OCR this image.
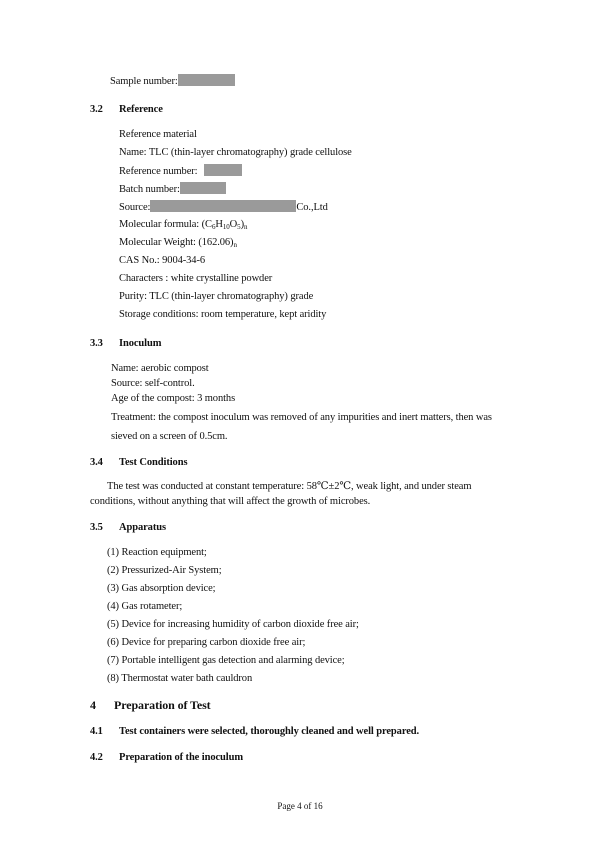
Sample number:
3.2 Reference
Reference material
Name: TLC (thin-layer chromatography) grade cellulose
Reference number:
Batch number:
Source:	Co.,Ltd
Molecular formula: $(C_6H_{10}O_5)_n$
Molecular Weight: $(162.06)_n$
CAS No.: 9004-34-6
Characters : white crystalline powder
Purity: TLC (thin-layer chromatography) grade
Storage conditions: room temperature, kept aridity
3.3 Inoculum
Name: aerobic compost
Source: self-control.
Age of the compost: 3 months
Treatment: the compost inoculum was removed of any impurities and inert matters, then was
sieved on a screen of 0.5cm.
3.4 Test Conditions
The test was conducted at constant temperature: 58℃±2℃, weak light, and under steam
conditions, without anything that will affect the growth of microbes.
3.5 Apparatus
(1) Reaction equipment;
(2) Pressurized-Air System;
(3) Gas absorption device;
(4) Gas rotameter;
(5) Device for increasing humidity of carbon dioxide free air;
(6) Device for preparing carbon dioxide free air;
(7) Portable intelligent gas detection and alarming device;
(8) Thermostat water bath cauldron
4 Preparation of Test
4.1 Test containers were selected, thoroughly cleaned and well prepared.
4.2 Preparation of the inoculum
Page 4 of 16
